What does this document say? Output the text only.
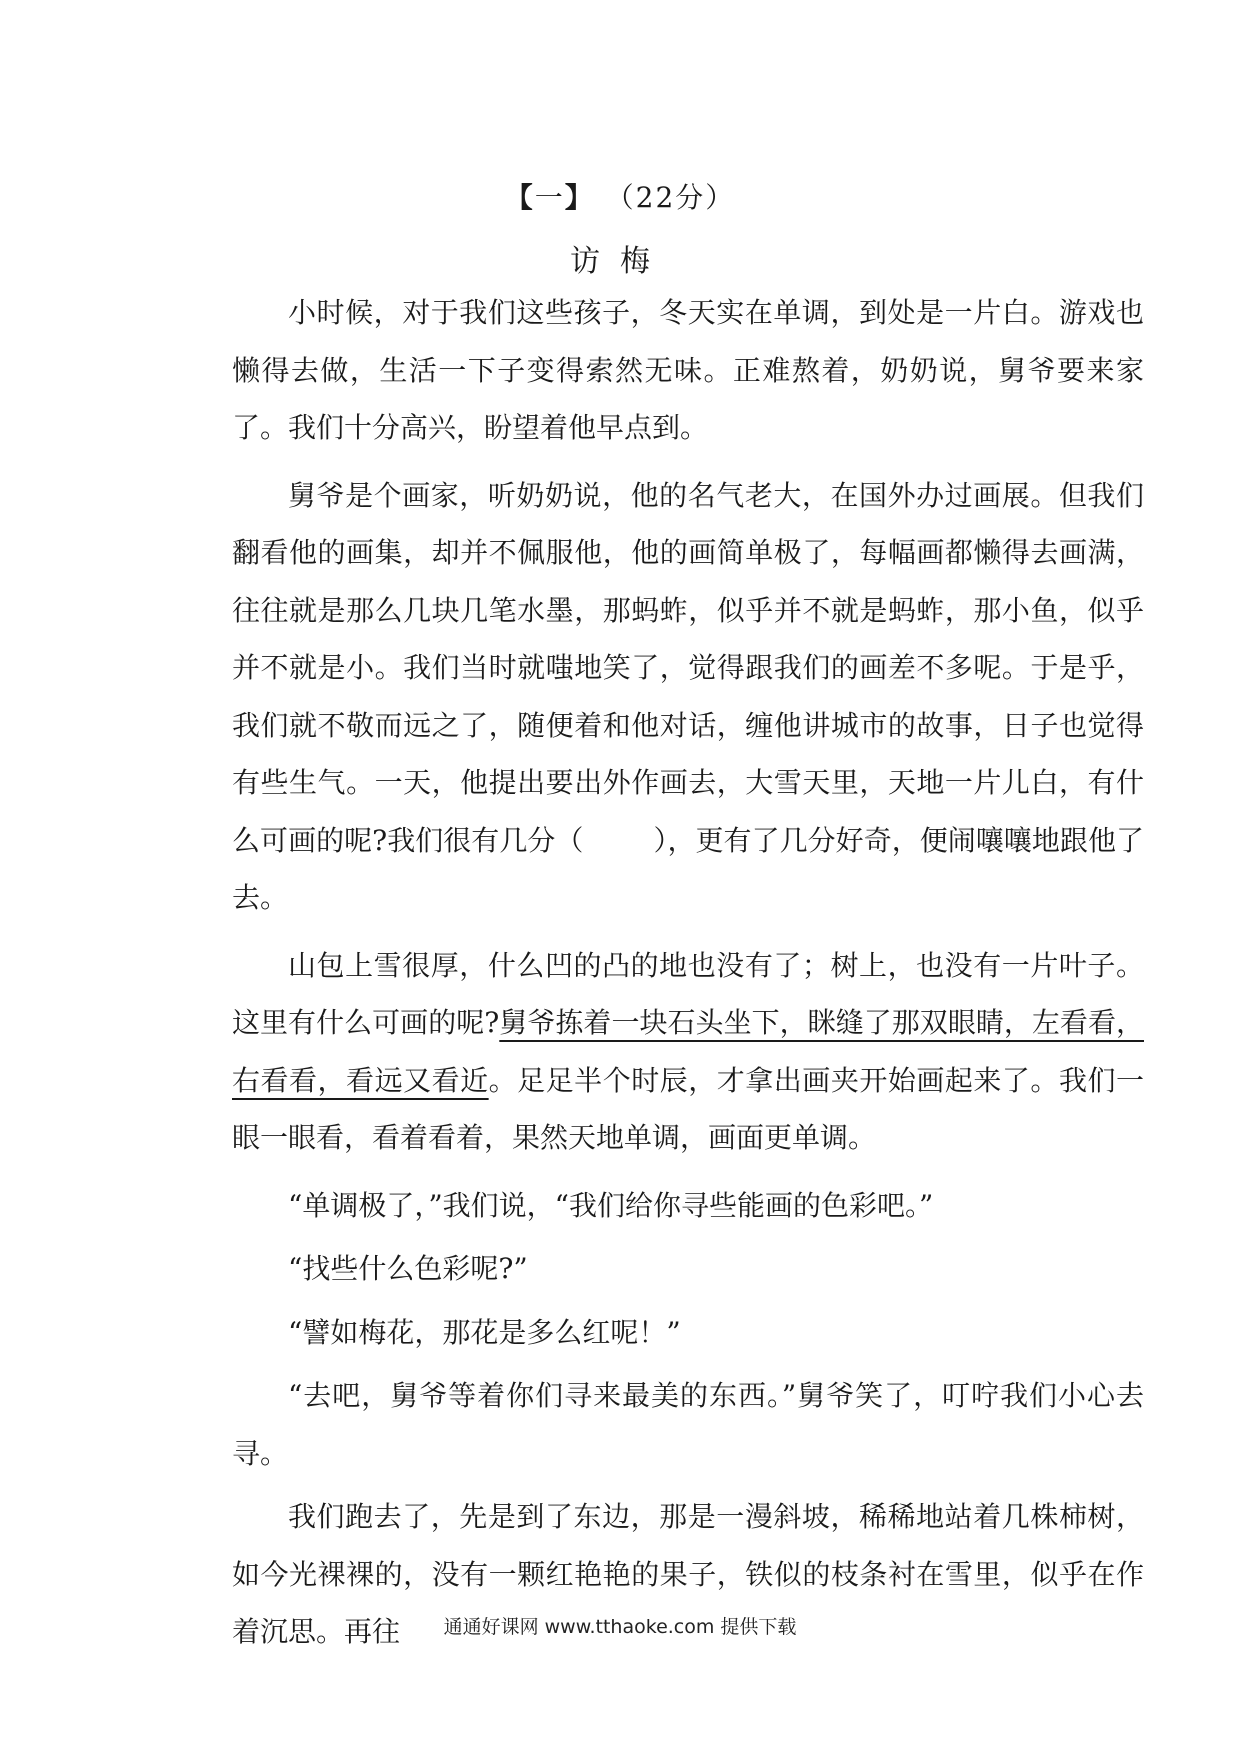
【一】 （22分）
访梅

小时候，对于我们这些孩子，冬天实在单调，到处是一片白。游戏也懒得去做，生活一下子变得索然无味。正难熬着，奶奶说，舅爷要来家了。我们十分高兴，盼望着他早点到。

舅爷是个画家，听奶奶说，他的名气老大，在国外办过画展。但我们翻看他的画集，却并不佩服他，他的画简单极了，每幅画都懒得去画满，往往就是那么几块几笔水墨，那蚂蚱，似乎并不就是蚂蚱，那小鱼，似乎并不就是小。我们当时就嗤地笑了，觉得跟我们的画差不多呢。于是乎，我们就不敬而远之了，随便着和他对话，缠他讲城市的故事，日子也觉得有些生气。一天，他提出要出外作画去，大雪天里，天地一片儿白，有什么可画的呢?我们很有几分（	），更有了几分好奇，便闹嚷嚷地跟他了去。

山包上雪很厚，什么凹的凸的地也没有了；树上，也没有一片叶子。这里有什么可画的呢?舅爷拣着一块石头坐下，眯缝了那双眼睛，左看看，右看看，看远又看近。足足半个时辰，才拿出画夹开始画起来了。我们一眼一眼看，看着看着，果然天地单调，画面更单调。

“单调极了，”我们说，“我们给你寻些能画的色彩吧。”

“找些什么色彩呢?”

“譬如梅花，那花是多么红呢！”

“去吧，舅爷等着你们寻来最美的东西。”舅爷笑了，叮咛我们小心去寻。

我们跑去了，先是到了东边，那是一漫斜坡，稀稀地站着几株柿树，如今光裸裸的，没有一颗红艳艳的果子，铁似的枝条衬在雪里，似乎在作着沉思。再往	通通好课网 www.tthaoke.com 提供下载
